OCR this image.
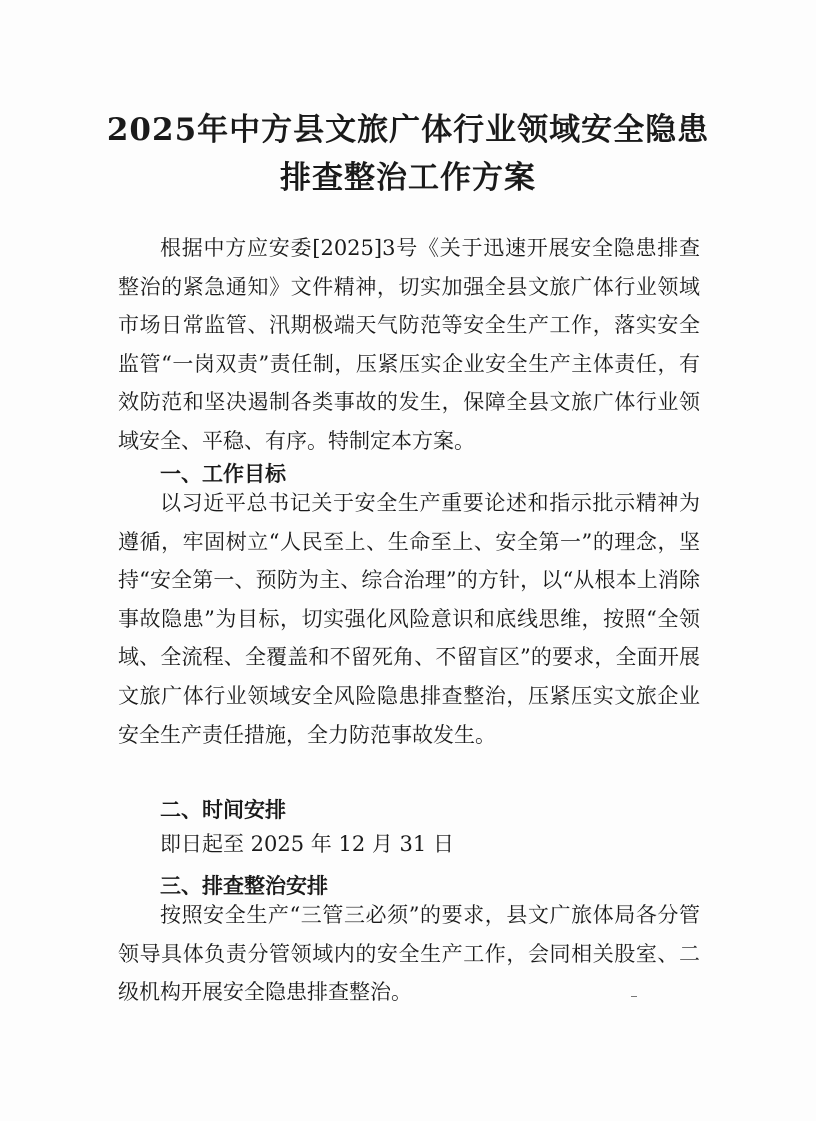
2025年中方县文旅广体行业领域安全隐患
排查整治工作方案

根据中方应安委[2025]3号《关于迅速开展安全隐患排查整治的紧急通知》文件精神，切实加强全县文旅广体行业领域市场日常监管、汛期极端天气防范等安全生产工作，落实安全监管“一岗双责”责任制，压紧压实企业安全生产主体责任，有效防范和坚决遏制各类事故的发生，保障全县文旅广体行业领域安全、平稳、有序。特制定本方案。

一、工作目标

以习近平总书记关于安全生产重要论述和指示批示精神为遵循，牢固树立“人民至上、生命至上、安全第一”的理念，坚持“安全第一、预防为主、综合治理”的方针，以“从根本上消除事故隐患”为目标，切实强化风险意识和底线思维，按照“全领域、全流程、全覆盖和不留死角、不留盲区”的要求，全面开展文旅广体行业领域安全风险隐患排查整治，压紧压实文旅企业安全生产责任措施，全力防范事故发生。

二、时间安排

即日起至 2025 年 12 月 31 日

三、排查整治安排

按照安全生产“三管三必须”的要求，县文广旅体局各分管领导具体负责分管领域内的安全生产工作，会同相关股室、二级机构开展安全隐患排查整治。
